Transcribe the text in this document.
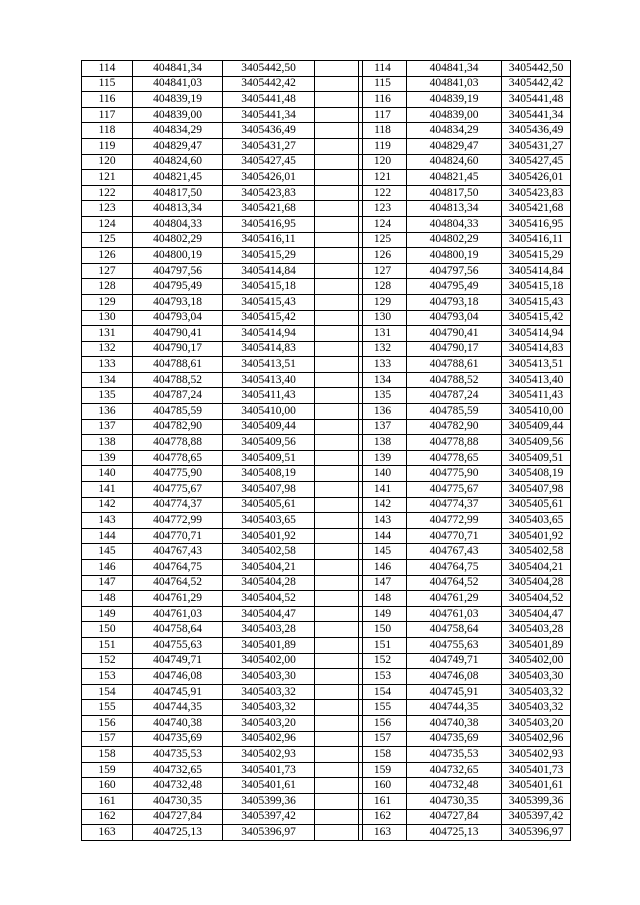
114	404841,34	3405442,50	
115	404841,03	3405442,42	
116	404839,19	3405441,48	
117	404839,00	3405441,34	
118	404834,29	3405436,49	
119	404829,47	3405431,27	
120	404824,60	3405427,45	
121	404821,45	3405426,01	
122	404817,50	3405423,83	
123	404813,34	3405421,68	
124	404804,33	3405416,95	
125	404802,29	3405416,11	
126	404800,19	3405415,29	
127	404797,56	3405414,84	
128	404795,49	3405415,18	
129	404793,18	3405415,43	
130	404793,04	3405415,42	
131	404790,41	3405414,94	
132	404790,17	3405414,83	
133	404788,61	3405413,51	
134	404788,52	3405413,40	
135	404787,24	3405411,43	
136	404785,59	3405410,00	
137	404782,90	3405409,44	
138	404778,88	3405409,56	
139	404778,65	3405409,51	
140	404775,90	3405408,19	
141	404775,67	3405407,98	
142	404774,37	3405405,61	
143	404772,99	3405403,65	
144	404770,71	3405401,92	
145	404767,43	3405402,58	
146	404764,75	3405404,21	
147	404764,52	3405404,28	
148	404761,29	3405404,52	
149	404761,03	3405404,47	
150	404758,64	3405403,28	
151	404755,63	3405401,89	
152	404749,71	3405402,00	
153	404746,08	3405403,30	
154	404745,91	3405403,32	
155	404744,35	3405403,32	
156	404740,38	3405403,20	
157	404735,69	3405402,96	
158	404735,53	3405402,93	
159	404732,65	3405401,73	
160	404732,48	3405401,61	
161	404730,35	3405399,36	
162	404727,84	3405397,42	
163	404725,13	3405396,97	
114	404841,34	3405442,50
115	404841,03	3405442,42
116	404839,19	3405441,48
117	404839,00	3405441,34
118	404834,29	3405436,49
119	404829,47	3405431,27
120	404824,60	3405427,45
121	404821,45	3405426,01
122	404817,50	3405423,83
123	404813,34	3405421,68
124	404804,33	3405416,95
125	404802,29	3405416,11
126	404800,19	3405415,29
127	404797,56	3405414,84
128	404795,49	3405415,18
129	404793,18	3405415,43
130	404793,04	3405415,42
131	404790,41	3405414,94
132	404790,17	3405414,83
133	404788,61	3405413,51
134	404788,52	3405413,40
135	404787,24	3405411,43
136	404785,59	3405410,00
137	404782,90	3405409,44
138	404778,88	3405409,56
139	404778,65	3405409,51
140	404775,90	3405408,19
141	404775,67	3405407,98
142	404774,37	3405405,61
143	404772,99	3405403,65
144	404770,71	3405401,92
145	404767,43	3405402,58
146	404764,75	3405404,21
147	404764,52	3405404,28
148	404761,29	3405404,52
149	404761,03	3405404,47
150	404758,64	3405403,28
151	404755,63	3405401,89
152	404749,71	3405402,00
153	404746,08	3405403,30
154	404745,91	3405403,32
155	404744,35	3405403,32
156	404740,38	3405403,20
157	404735,69	3405402,96
158	404735,53	3405402,93
159	404732,65	3405401,73
160	404732,48	3405401,61
161	404730,35	3405399,36
162	404727,84	3405397,42
163	404725,13	3405396,97
